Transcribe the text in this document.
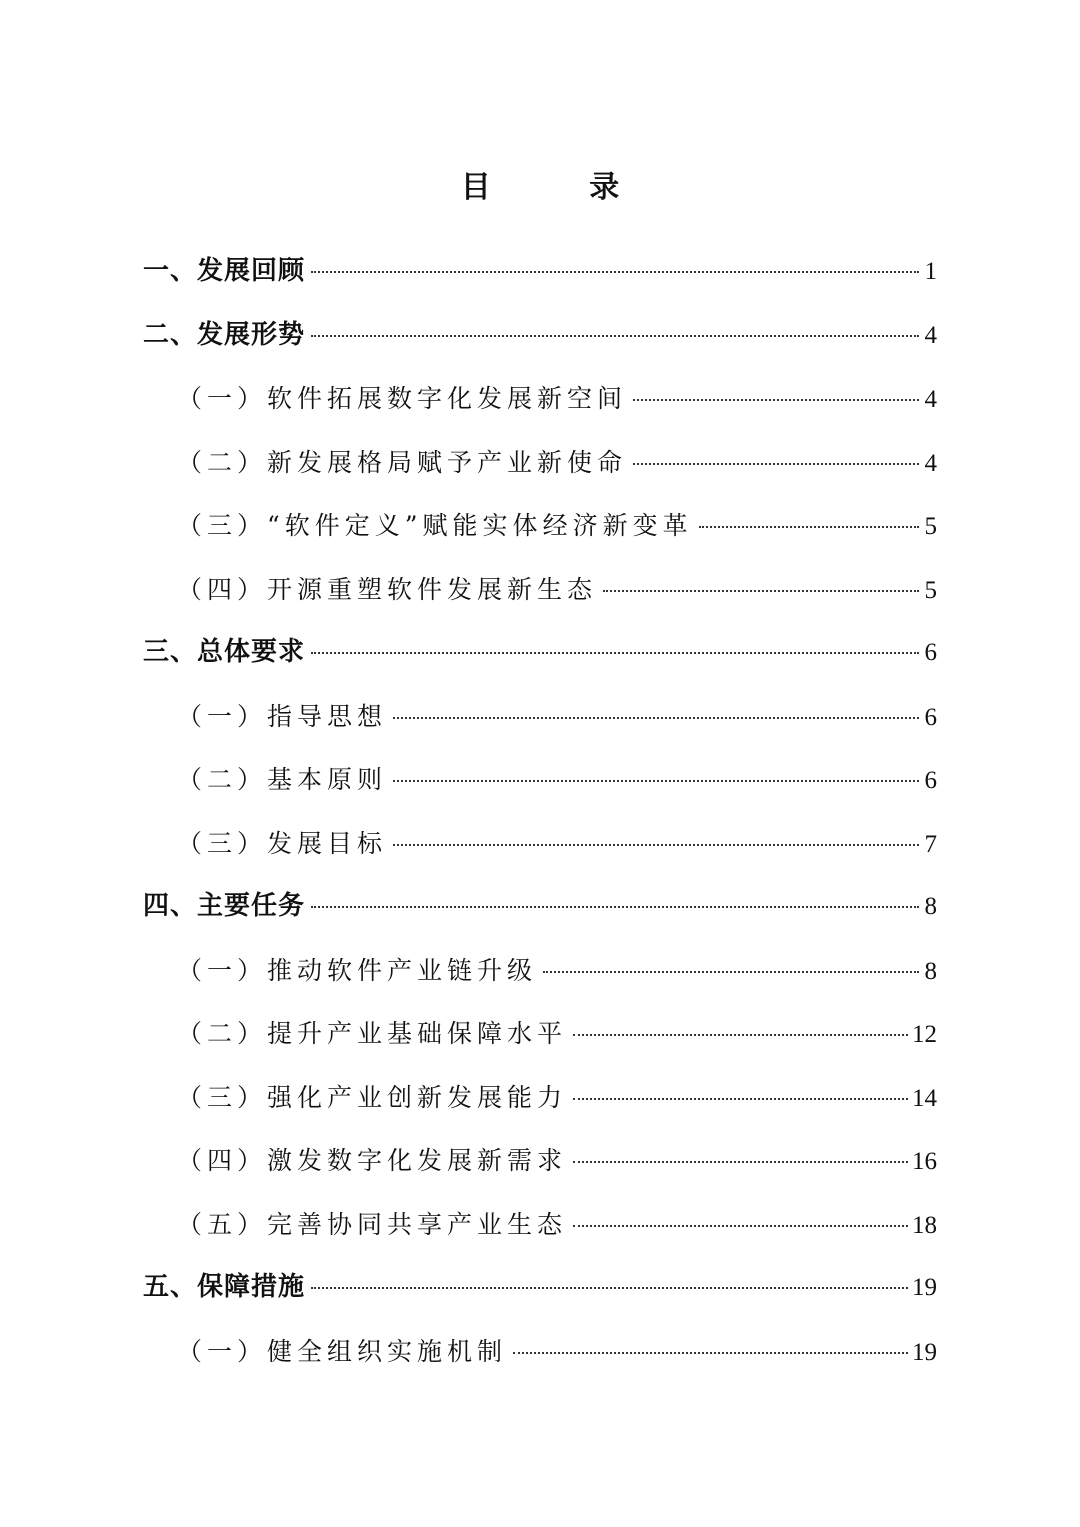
目 录
一、发展回顾	1
二、发展形势	4
（一）软件拓展数字化发展新空间	4
（二）新发展格局赋予产业新使命	4
（三）“软件定义”赋能实体经济新变革	5
（四）开源重塑软件发展新生态	5
三、总体要求	6
（一）指导思想	6
（二）基本原则	6
（三）发展目标	7
四、主要任务	8
（一）推动软件产业链升级	8
（二）提升产业基础保障水平	12
（三）强化产业创新发展能力	14
（四）激发数字化发展新需求	16
（五）完善协同共享产业生态	18
五、保障措施	19
（一）健全组织实施机制	19
